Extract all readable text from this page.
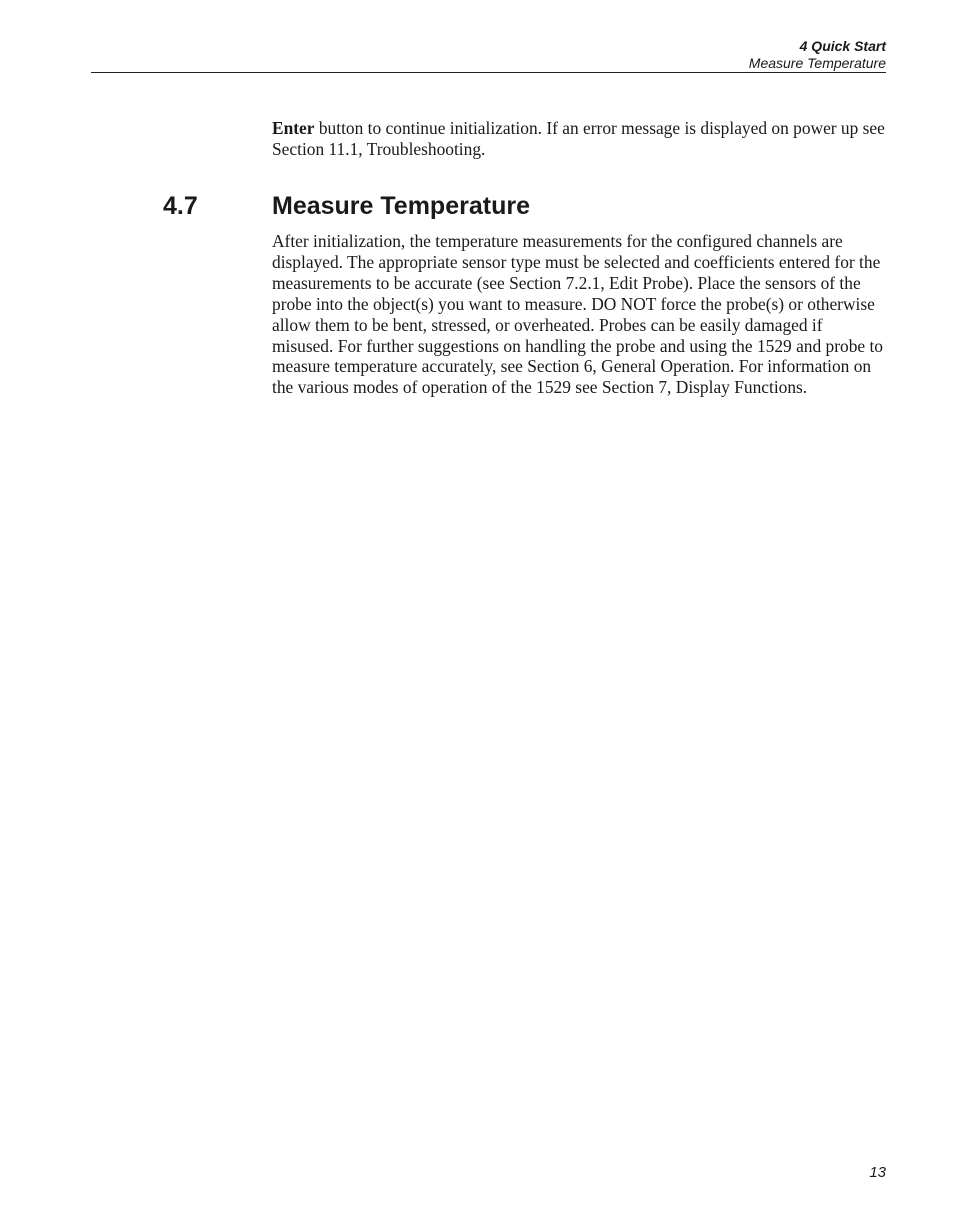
4 Quick Start
Measure Temperature

Enter button to continue initialization. If an error message is displayed on power up see Section 11.1, Troubleshooting.

4.7	Measure Temperature

After initialization, the temperature measurements for the configured channels are displayed. The appropriate sensor type must be selected and coefficients entered for the measurements to be accurate (see Section 7.2.1, Edit Probe). Place the sensors of the probe into the object(s) you want to measure. DO NOT force the probe(s) or otherwise allow them to be bent, stressed, or overheated. Probes can be easily damaged if misused. For further suggestions on handling the probe and using the 1529 and probe to measure temperature accurately, see Section 6, General Operation. For information on the various modes of operation of the 1529 see Section 7, Display Functions.

13
